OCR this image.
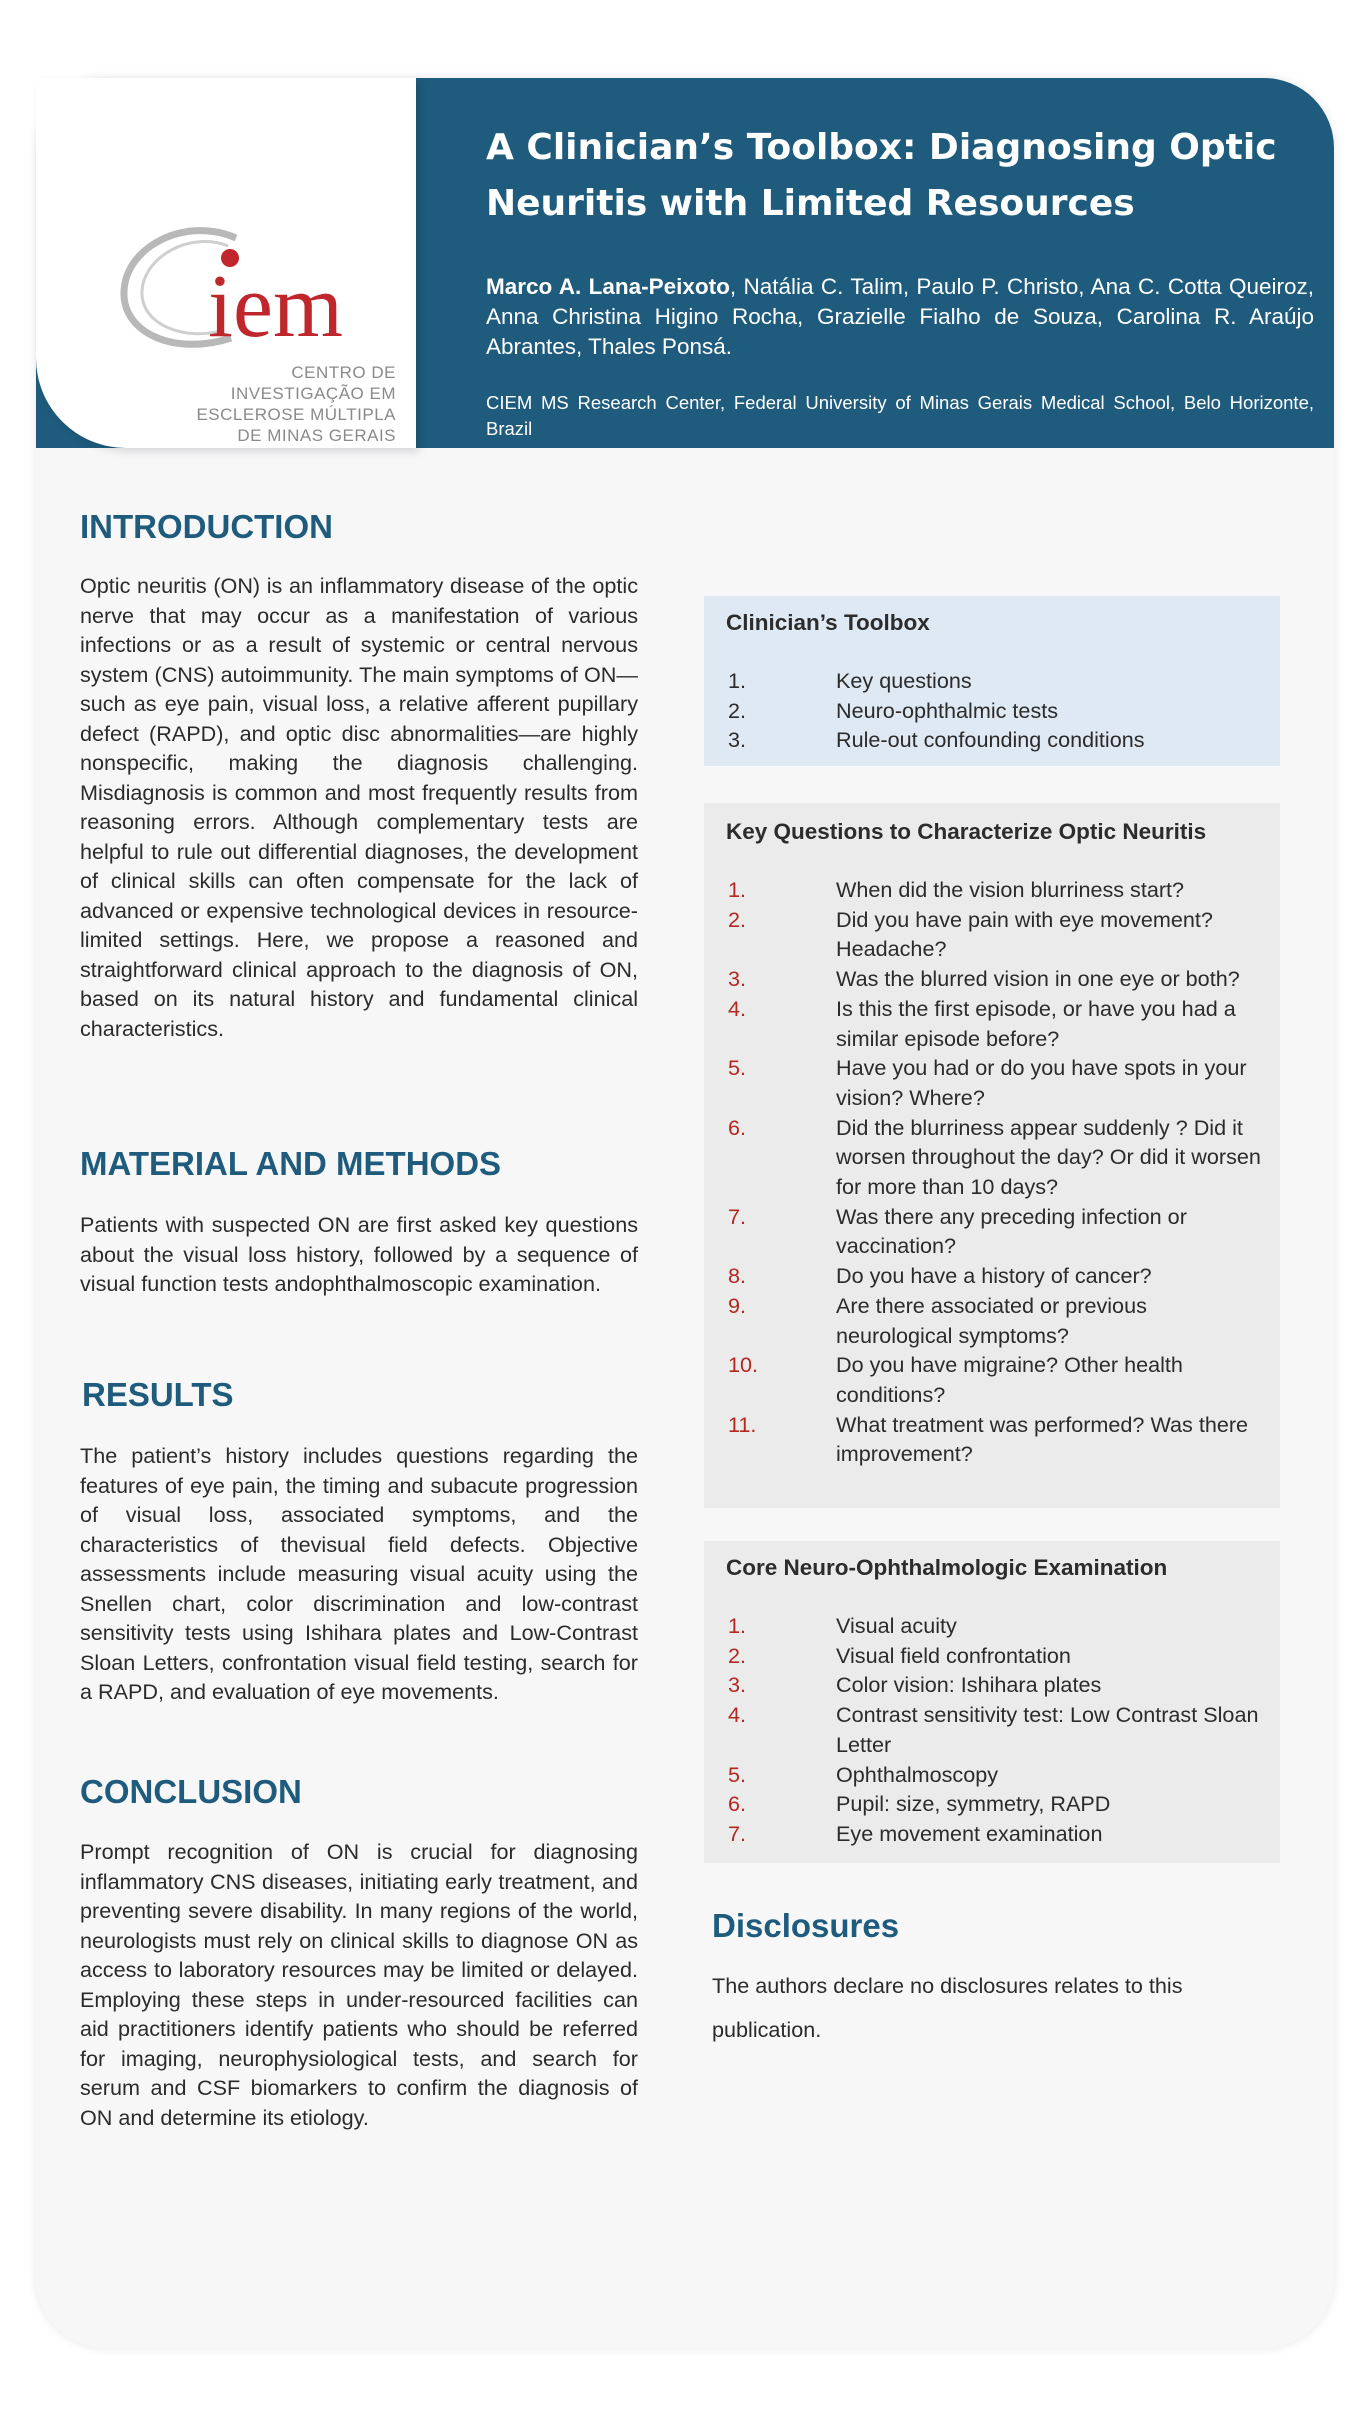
iem
CENTRO DE
INVESTIGAÇÃO EM
ESCLEROSE MÚLTIPLA
DE MINAS GERAIS
A Clinician’s Toolbox: Diagnosing Optic Neuritis with Limited Resources
Marco A. Lana-Peixoto, Natália C. Talim, Paulo P. Christo, Ana C. Cotta Queiroz, Anna Christina Higino Rocha, Grazielle Fialho de Souza, Carolina R. Araújo Abrantes, Thales Ponsá.
CIEM MS Research Center, Federal University of Minas Gerais Medical School, Belo Horizonte, Brazil
INTRODUCTION

Optic neuritis (ON) is an inflammatory disease of the optic nerve that may occur as a manifestation of various infections or as a result of systemic or central nervous system (CNS) autoimmunity. The main symptoms of ON—such as eye pain, visual loss, a relative afferent pupillary defect (RAPD), and optic disc abnormalities—are highly nonspecific, making the diagnosis challenging. Misdiagnosis is common and most frequently results from reasoning errors. Although complementary tests are helpful to rule out differential diagnoses, the development of clinical skills can often compensate for the lack of advanced or expensive technological devices in resource-limited settings. Here, we propose a reasoned and straightforward clinical approach to the diagnosis of ON, based on its natural history and fundamental clinical characteristics.

MATERIAL AND METHODS

Patients with suspected ON are first asked key questions about the visual loss history, followed by a sequence of visual function tests andophthalmoscopic examination.

RESULTS

The patient’s history includes questions regarding the features of eye pain, the timing and subacute progression of visual loss, associated symptoms, and the characteristics of thevisual field defects. Objective assessments include measuring visual acuity using the Snellen chart, color discrimination and low-contrast sensitivity tests using Ishihara plates and Low-Contrast Sloan Letters, confrontation visual field testing, search for a RAPD, and evaluation of eye movements.

CONCLUSION

Prompt recognition of ON is crucial for diagnosing inflammatory CNS diseases, initiating early treatment, and preventing severe disability. In many regions of the world, neurologists must rely on clinical skills to diagnose ON as access to laboratory resources may be limited or delayed. Employing these steps in under-resourced facilities can aid practitioners identify patients who should be referred for imaging, neurophysiological tests, and search for serum and CSF biomarkers to confirm the diagnosis of ON and determine its etiology.

Clinician’s Toolbox
1.	Key questions
2.	Neuro-ophthalmic tests
3.	Rule-out confounding conditions
Key Questions to Characterize Optic Neuritis
1.	When did the vision blurriness start?
2.	Did you have pain with eye movement? Headache?
3.	Was the blurred vision in one eye or both?
4.	Is this the first episode, or have you had a similar episode before?
5.	Have you had or do you have spots in your vision? Where?
6.	Did the blurriness appear suddenly ? Did it worsen throughout the day? Or did it worsen for more than 10 days?
7.	Was there any preceding infection or vaccination?
8.	Do you have a history of cancer?
9.	Are there associated or previous neurological symptoms?
10.	Do you have migraine? Other health conditions?
11.	What treatment was performed? Was there improvement?
Core Neuro-Ophthalmologic Examination
1.	Visual acuity
2.	Visual field confrontation
3.	Color vision: Ishihara plates
4.	Contrast sensitivity test: Low Contrast Sloan Letter
5.	Ophthalmoscopy
6.	Pupil: size, symmetry, RAPD
7.	Eye movement examination
Disclosures

The authors declare no disclosures relates to this publication.
